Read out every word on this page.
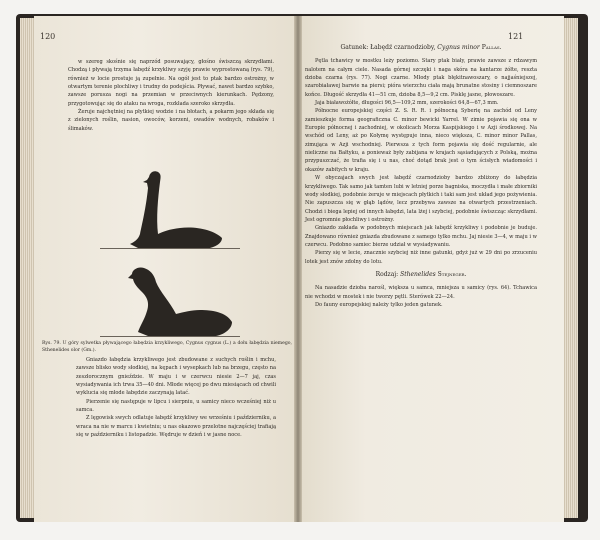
120

w szereg skośnie się naprzód posuwający, głośno świszczą skrzydłami. Chodzą i pływają trzyma łabędź krzykliwy szyję prawie wyprostowaną (rys. 79), również w locie prostuje ją zupełnie. Na ogół jest to ptak bardzo ostrożny, w otwartym terenie płochliwy i trudny do podejścia. Pływać, nawet bardzo szybko, zawsze porusza nogi na przemian w przeciwnych kierunkach. Pędzony, przygotowując się do ataku na wroga, rozkłada szeroko skrzydła.

Żeruje najchętniej na płytkiej wodzie i na błotach, a pokarm jego składa się z zielonych roślin, nasion, owoców, korzeni, owadów wodnych, robaków i ślimaków.

Rys. 79. U góry sylwetka pływającego łabędzia krzykliwego, Cygnus cygnus (L.) a dołu łabędzia niemego, Sthenelides olor (Gm.).

Gniazdo łabędzia krzykliwego jest zbudowane z suchych roślin i mchu, zawsze blisko wody słodkiej, na kępach i wysepkach lub na brzegu, często na zeszłorocznym gnieździe. W maju i w czerwcu niesie 2—7 jaj, czas wysiadywania ich trwa 35—40 dni. Młode więcej po dwu miesiącach od chwili wyklucia się młode łabędzie zaczynają latać.

Pierzenie się następuje w lipcu i sierpniu, u samicy nieco wcześniej niż u samca.

Z lęgowisk swych odlatuje łabędź krzykliwy we wrześniu i październiku, a wraca na nie w marcu i kwietniu; u nas okazowo przelotne najczęściej trafiają się w październiku i listopadzie. Wędruje w dzień i w jasne noce.

121

Gatunek: Łabędź czarnodzioby, Cygnus minor Pallas.

Pętla tchawicy w mostku leży poziomo. Stary ptak biały, prawie zawsze z rdzawym nalotem na całym ciele. Nasada górnej szczęki i naga skóra na kantarze żółte, reszta dzioba czarna (rys. 77). Nogi czarne. Młody ptak błękitnawoszary, o najjaśniejszej, szarobiaławej barwie na piersi; pióra wierzchu ciała mają brunatne stosiny i ciemnoszare końce. Długość skrzydła 41—51 cm, dzioba 8,5—9,2 cm. Pisklę jasne, płowoszare.

Jaja białawożółte, długości 96,5—109,2 mm, szerokości 64,8—67,3 mm.

Północne europejskiej części Z. S. R. R. i północną Syberię na zachód od Leny zamieszkuje forma geograficzna C. minor bewicki Yarrel. W zimie pojawia się ona w Europie północnej i zachodniej, w okolicach Morza Kaspijskiego i w Azji środkowej. Na wschód od Leny, aż po Kołymę występuje inna, nieco większa, C. minor minor Pallas, zimująca w Azji wschodniej. Pierwsza z tych form pojawia się dość regularnie, ale nieliczne na Bałtyku, a ponieważ były zabijana w krajach sąsiadujących z Polską, można przypuszczać, że trafia się i u nas, choć dotąd brak jest o tym ścisłych wiadomości i okazów zabitych w kraju.

W obyczajach swych jest łabędź czarnodzioby bardzo zbliżony do łabędzia krzykliwego. Tak samo jak tamten lubi w letniej porze bagniska, moczydła i małe zbiorniki wody słodkiej, podobnie żeruje w miejscach płytkich i taki sam jest układ jego pożywienia. Nie zapuszcza się w głąb lądów, lecz przebywa zawsze na otwartych przestrzeniach. Chodzi i biega lepiej od innych łabędzi, lata lżej i szybciej, podobnie świszcząc skrzydłami. Jest ogromnie płochliwy i ostrożny.

Gniazdo zakłada w podobnych miejscach jak łabędź krzykliwy i podobnie je buduje. Znajdowano również gniazda zbudowane z samego tylko mchu. Jaj niesie 3—4, w maju i w czerwcu. Podobno samiec bierze udział w wysiadywaniu.

Pierzy się w lecie, znacznie szybciej niż inne gatunki, gdyż już w 29 dni po zrzuceniu lotek jest znów zdolny do lotu.

Rodzaj: Sthenelides Stejneger.

Na nasadzie dzioba narośl, większa u samca, mniejsza u samicy (rys. 64). Tchawica nie wchodzi w mostek i nie tworzy pętli. Sterówek 22—24.

Do fauny europejskiej należy tylko jeden gatunek.
